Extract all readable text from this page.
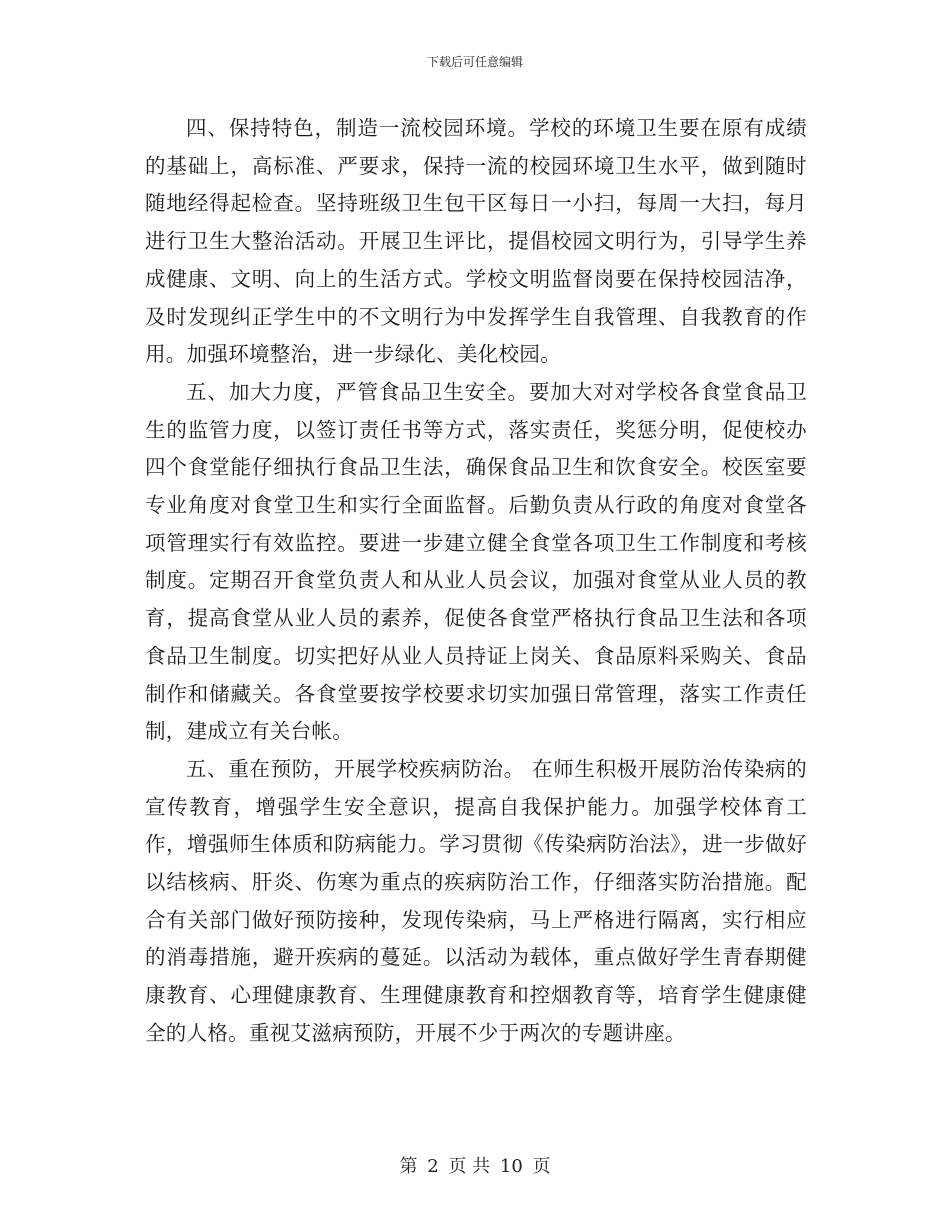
下载后可任意编辑

四、保持特色，制造一流校园环境。学校的环境卫生要在原有成绩的基础上，高标准、严要求，保持一流的校园环境卫生水平，做到随时随地经得起检查。坚持班级卫生包干区每日一小扫，每周一大扫，每月进行卫生大整治活动。开展卫生评比，提倡校园文明行为，引导学生养成健康、文明、向上的生活方式。学校文明监督岗要在保持校园洁净，及时发现纠正学生中的不文明行为中发挥学生自我管理、自我教育的作用。加强环境整治，进一步绿化、美化校园。

五、加大力度，严管食品卫生安全。要加大对对学校各食堂食品卫生的监管力度，以签订责任书等方式，落实责任，奖惩分明，促使校办四个食堂能仔细执行食品卫生法，确保食品卫生和饮食安全。校医室要专业角度对食堂卫生和实行全面监督。后勤负责从行政的角度对食堂各项管理实行有效监控。要进一步建立健全食堂各项卫生工作制度和考核制度。定期召开食堂负责人和从业人员会议，加强对食堂从业人员的教育，提高食堂从业人员的素养，促使各食堂严格执行食品卫生法和各项食品卫生制度。切实把好从业人员持证上岗关、食品原料采购关、食品制作和储藏关。各食堂要按学校要求切实加强日常管理，落实工作责任制，建成立有关台帐。

五、重在预防，开展学校疾病防治。 在师生积极开展防治传染病的宣传教育，增强学生安全意识，提高自我保护能力。加强学校体育工作，增强师生体质和防病能力。学习贯彻《传染病防治法》，进一步做好以结核病、肝炎、伤寒为重点的疾病防治工作，仔细落实防治措施。配合有关部门做好预防接种，发现传染病，马上严格进行隔离，实行相应的消毒措施，避开疾病的蔓延。以活动为载体，重点做好学生青春期健康教育、心理健康教育、生理健康教育和控烟教育等，培育学生健康健全的人格。重视艾滋病预防，开展不少于两次的专题讲座。

第 2 页 共 10 页
